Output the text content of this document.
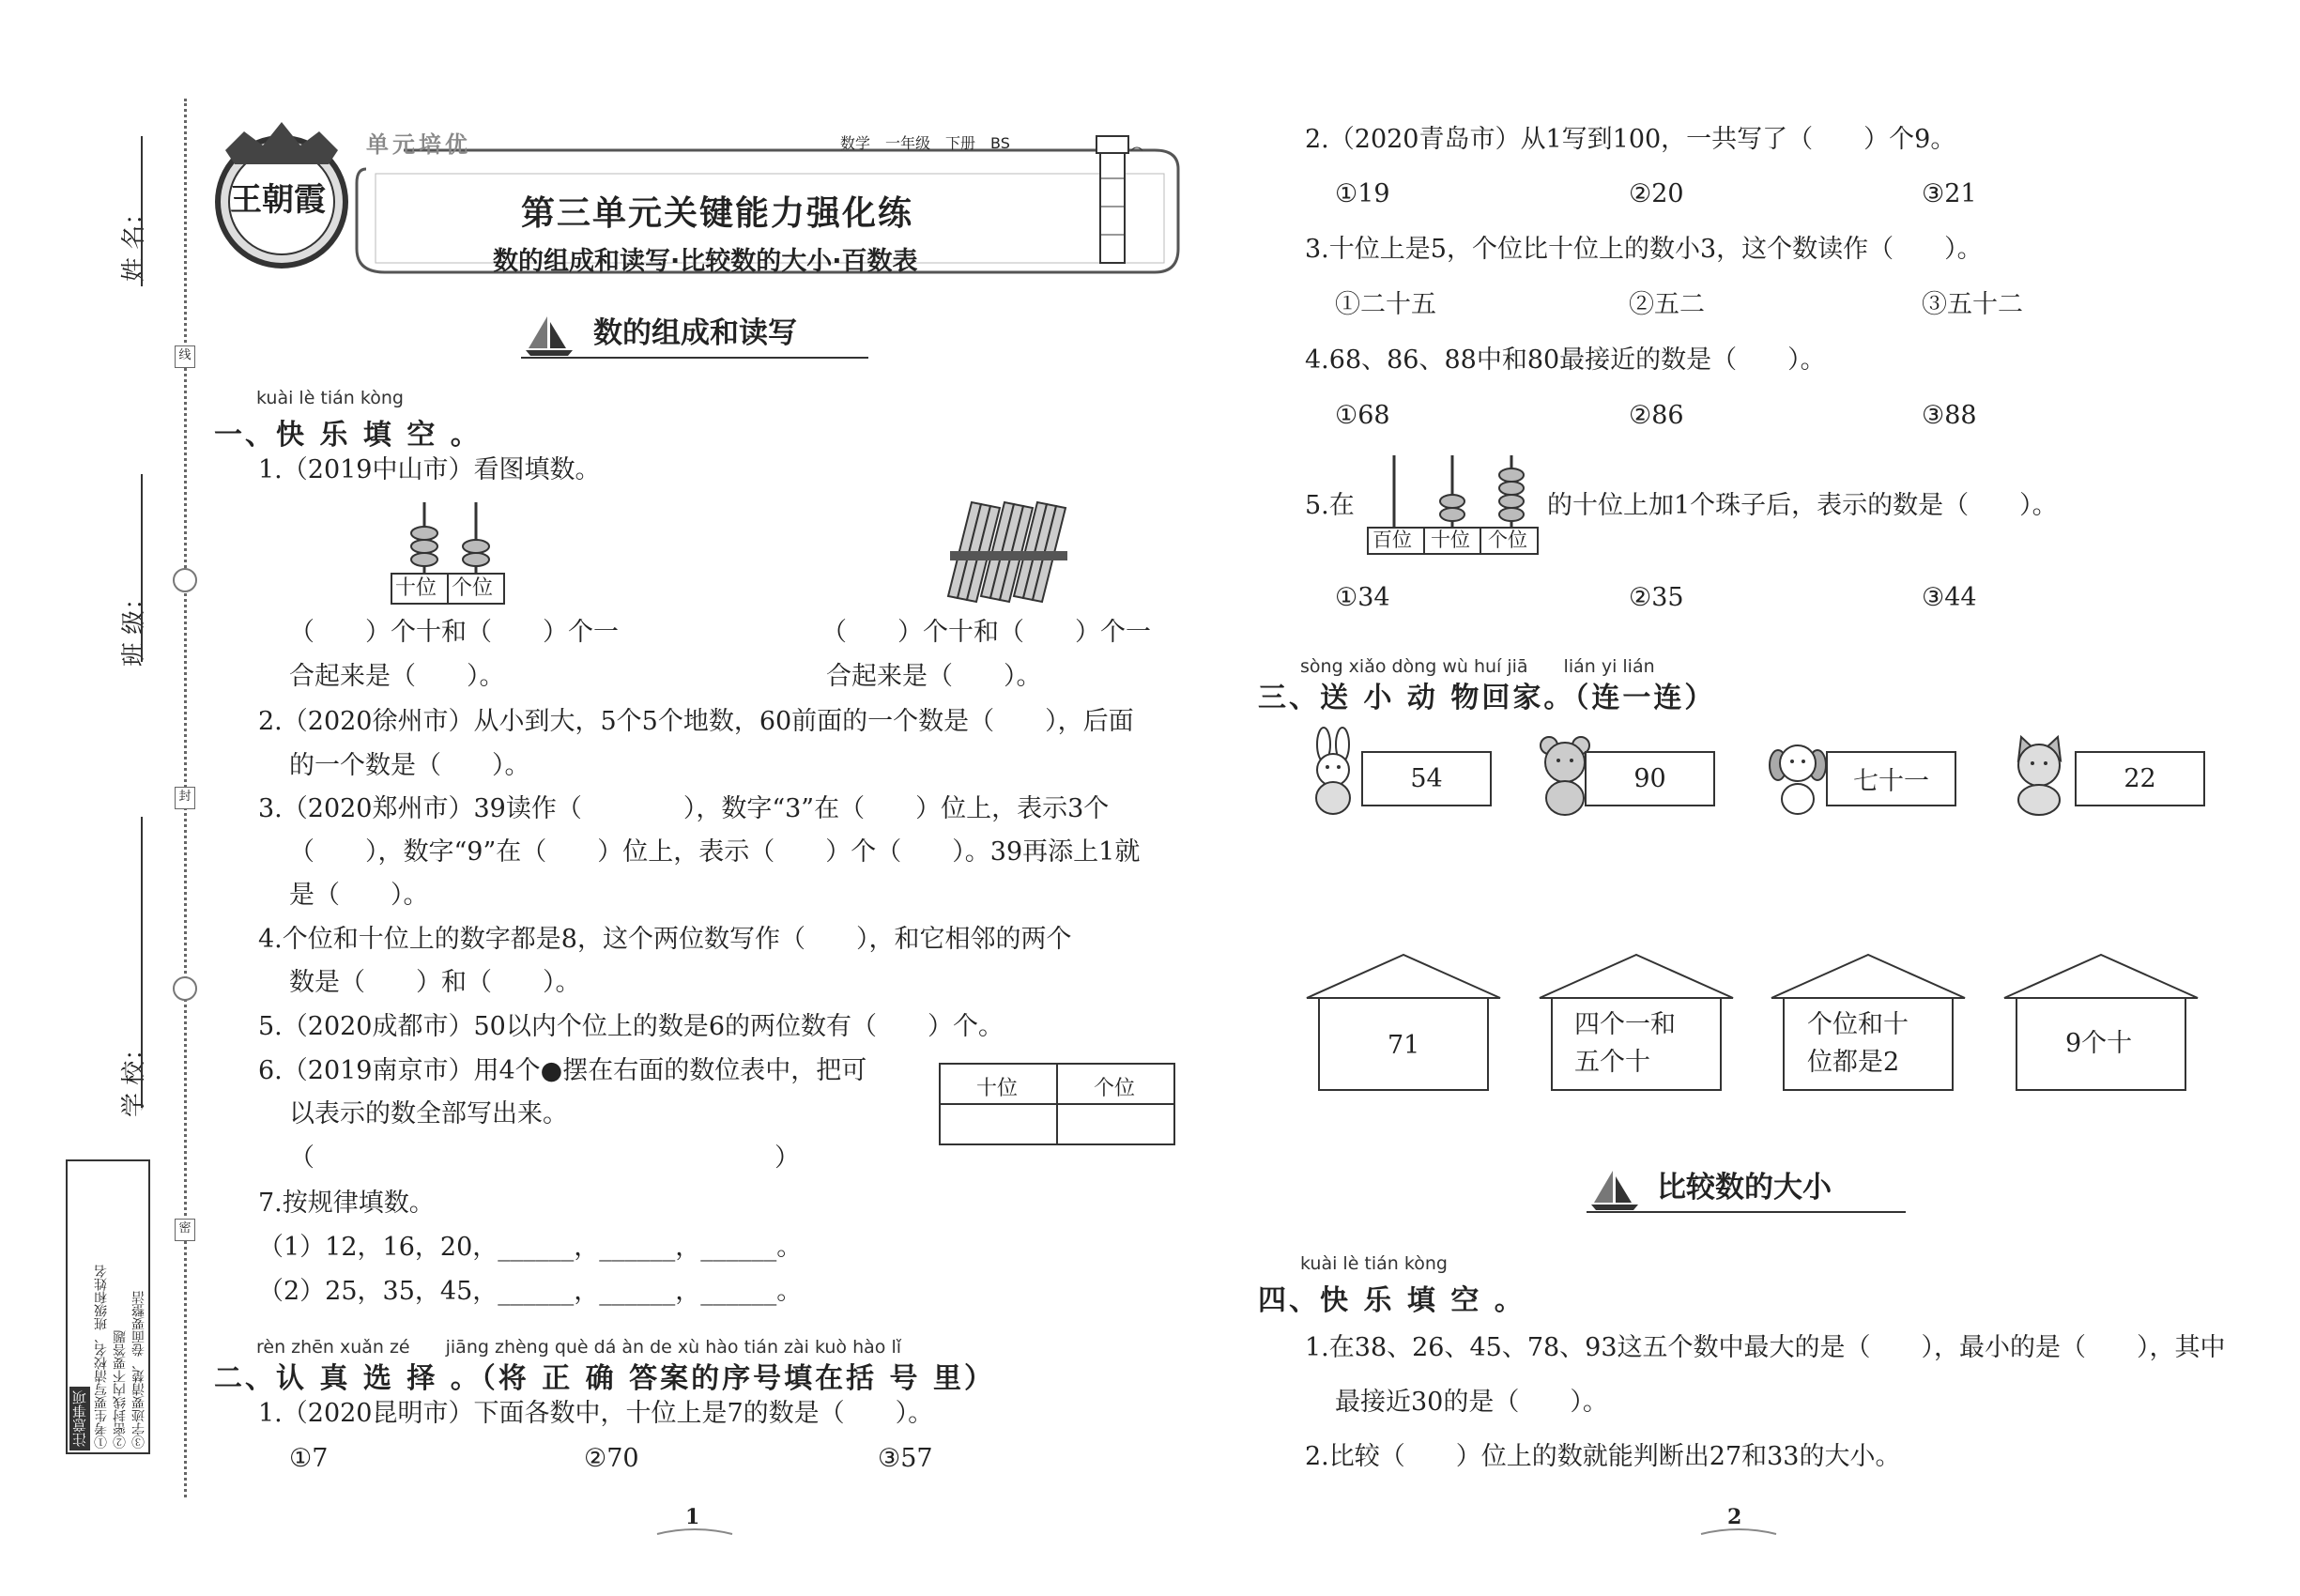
姓 名：
班 级：
学 校：
线
封
密
注意事项 ①考生要写清校名、班级和姓名 ②密封线内不要答题 ③字迹要清楚、卷面要整洁
王朝霞
单元培优	数学　一年级　下册　BS
第三单元关键能力强化练
数的组成和读写·比较数的大小·百数表
数的组成和读写
kuài lè tián kòng
一、快 乐 填 空 。
1.（2019中山市）看图填数。
十位 个位
（　　）个十和（　　）个一
合起来是（　　）。
（　　）个十和（　　）个一
合起来是（　　）。
2.（2020徐州市）从小到大，5个5个地数，60前面的一个数是（　　），后面
的一个数是（　　）。
3.（2020郑州市）39读作（　　　　），数字“3”在（　　）位上，表示3个
（　　），数字“9”在（　　）位上，表示（　　）个（　　）。39再添上1就
是（　　）。
4.个位和十位上的数字都是8，这个两位数写作（　　），和它相邻的两个
数是（　　）和（　　）。
5.（2020成都市）50以内个位上的数是6的两位数有（　　）个。
6.（2019南京市）用4个●摆在右面的数位表中，把可
以表示的数全部写出来。
（	）
十位	个位
7.按规律填数。
（1）12，16，20，______，______，______。
（2）25，35，45，______，______，______。
rèn zhēn xuǎn zé　　jiāng zhèng què dá àn de xù hào tián zài kuò hào lǐ
二、认 真 选 择 。（将 正 确 答案的序号填在括 号 里）
1.（2020昆明市）下面各数中，十位上是7的数是（　　）。
①7	②70	③57
1
2.（2020青岛市）从1写到100，一共写了（　　）个9。
①19	②20	③21
3.十位上是5，个位比十位上的数小3，这个数读作（　　）。
①二十五	②五二	③五十二
4.68、86、88中和80最接近的数是（　　）。
①68	②86	③88
5.在
百位 十位 个位
的十位上加1个珠子后，表示的数是（　　）。
①34	②35	③44
sòng xiǎo dòng wù huí jiā　　lián yi lián
三、送 小 动 物回家。（连一连）
54	90	七十一	22
71
四个一和
五个十
个位和十
位都是2
9个十
比较数的大小
kuài lè tián kòng
四、快 乐 填 空 。
1.在38、26、45、78、93这五个数中最大的是（　　），最小的是（　　），其中
最接近30的是（　　）。
2.比较（　　）位上的数就能判断出27和33的大小。
2
